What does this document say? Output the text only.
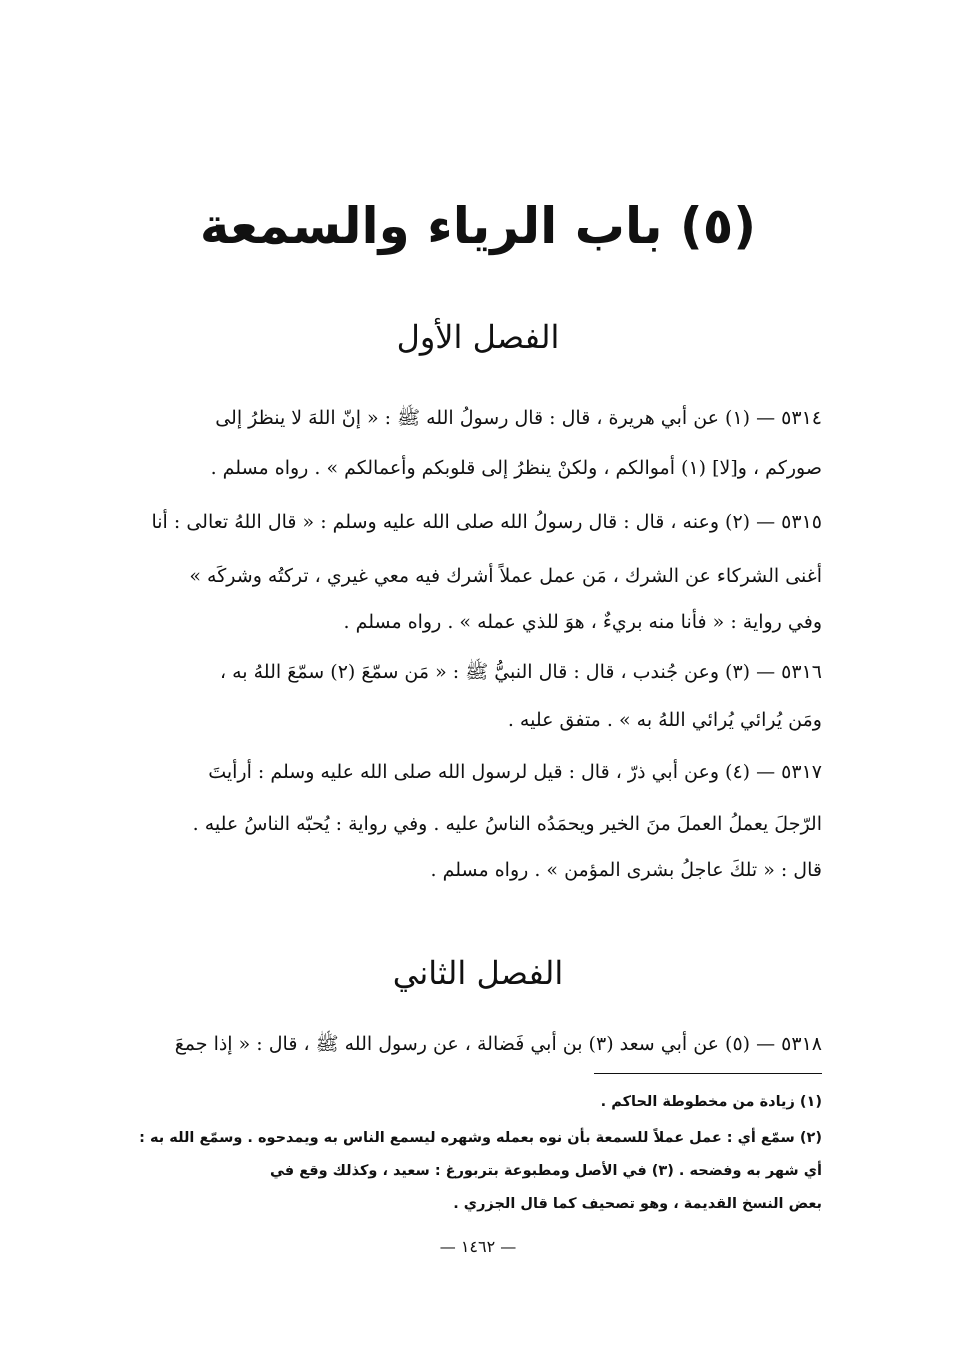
(٥) باب الرياء والسمعة
الفصل الأول
٥٣١٤ — (١) عن أبي هريرة ، قال : قال رسولُ الله ﷺ : « إنّ اللهَ لا ينظرُ إلى
صوركم ، و[لا] (١) أموالكم ، ولكنْ ينظرُ إلى قلوبكم وأعمالكم » . رواه مسلم .
٥٣١٥ — (٢) وعنه ، قال : قال رسولُ الله صلى الله عليه وسلم : « قال اللهُ تعالى : أنا
أغنى الشركاء عن الشرك ، مَن عمل عملاً أشرك فيه معي غيري ، تركتُه وشركَه »
وفي رواية : « فأنا منه بريءٌ ، هوَ للذي عمله » . رواه مسلم .
٥٣١٦ — (٣) وعن جُندب ، قال : قال النبيُّ ﷺ : « مَن سمّعَ (٢) سمّعَ اللهُ به ،
ومَن يُرائي يُرائي اللهُ به » . متفق عليه .
٥٣١٧ — (٤) وعن أبي ذرّ ، قال : قيل لرسول الله صلى الله عليه وسلم : أرأيتَ
الرّجلَ يعملُ العملَ منَ الخير ويحمَدُه الناسُ عليه . وفي رواية : يُحبّه الناسُ عليه .
قال : « تلكَ عاجلُ بشرى المؤمن » . رواه مسلم .
الفصل الثاني
٥٣١٨ — (٥) عن أبي سعد (٣) بن أبي فَضالة ، عن رسول الله ﷺ ، قال : « إذا جمعَ
(١) زيادة من مخطوطة الحاكم .
(٢) سمّع أي : عمل عملاً للسمعة بأن نوه بعمله وشهره ليسمع الناس به ويمدحوه . وسمّع الله به :
أي شهر به وفضحه . (٣) في الأصل ومطبوعة بتربورغ : سعيد ، وكذلك وقع في
بعض النسخ القديمة ، وهو تصحيف كما قال الجزري .
— ١٤٦٢ —
